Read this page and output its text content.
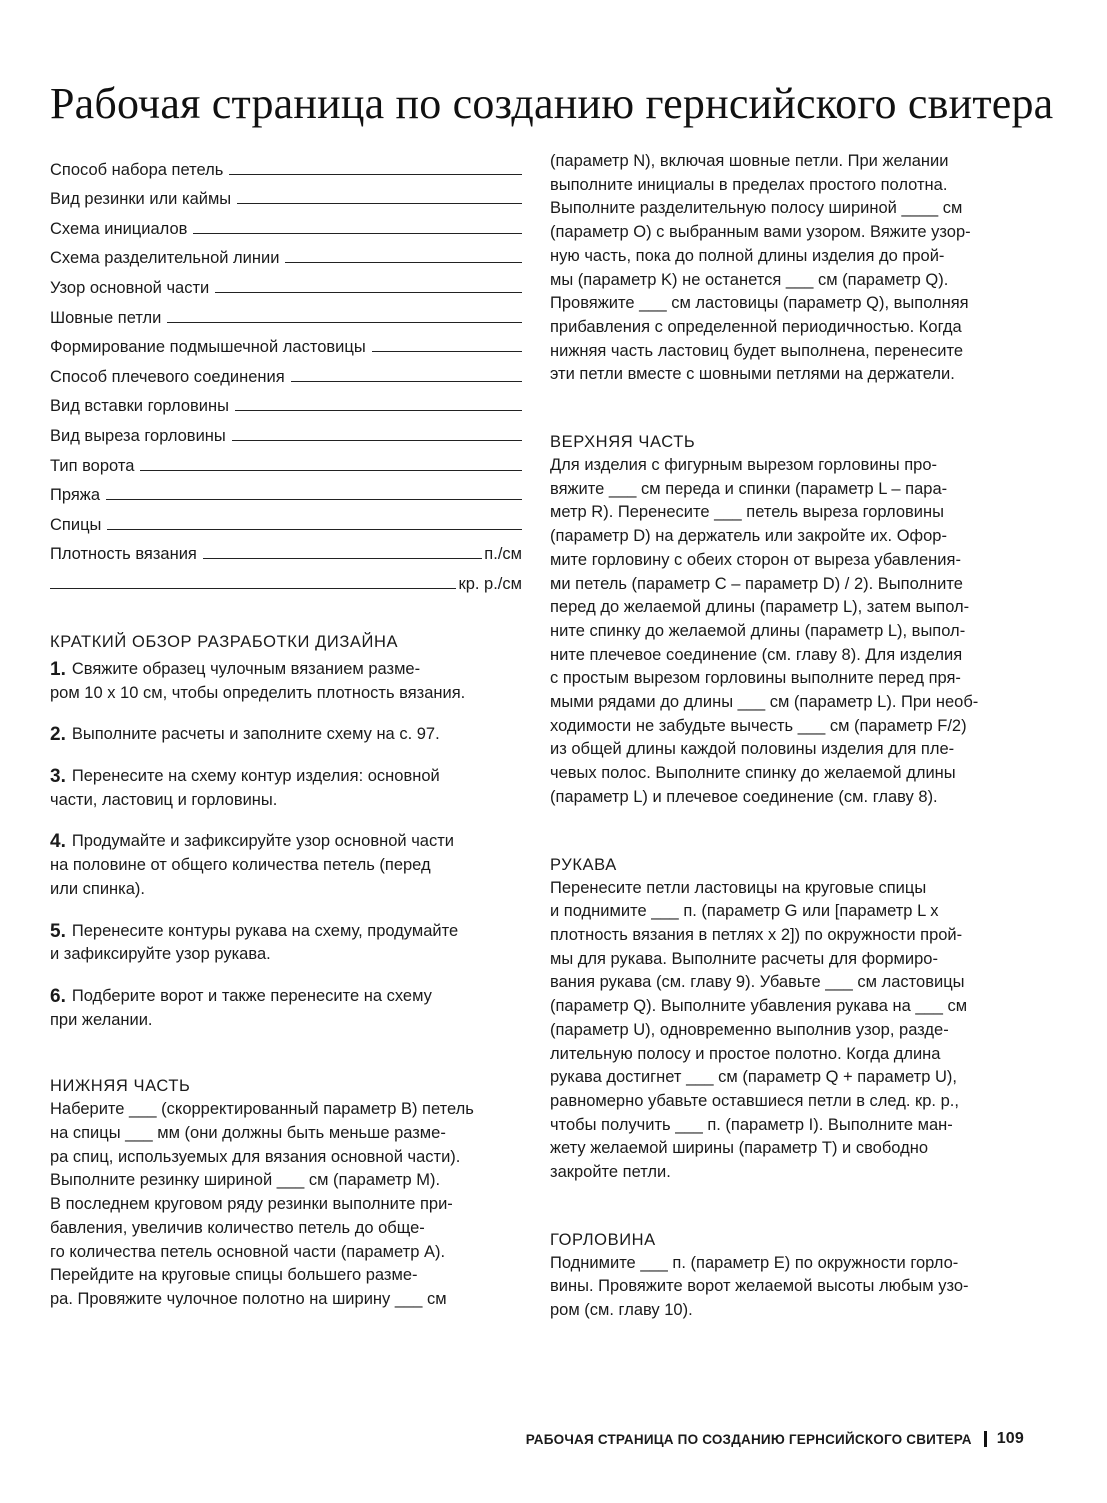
Рабочая страница по созданию гернсийского свитера
Способ набора петель
Вид резинки или каймы
Схема инициалов
Схема разделительной линии
Узор основной части
Шовные петли
Формирование подмышечной ластовицы
Способ плечевого соединения
Вид вставки горловины
Вид выреза горловины
Тип ворота
Пряжа
Спицы
Плотность вязания	п./см
кр. р./см
КРАТКИЙ ОБЗОР РАЗРАБОТКИ ДИЗАЙНА
1. Свяжите образец чулочным вязанием разме-
ром 10 х 10 см, чтобы определить плотность вязания.
2. Выполните расчеты и заполните схему на с. 97.
3. Перенесите на схему контур изделия: основной
части, ластовиц и горловины.
4. Продумайте и зафиксируйте узор основной части
на половине от общего количества петель (перед
или спинка).
5. Перенесите контуры рукава на схему, продумайте
и зафиксируйте узор рукава.
6. Подберите ворот и также перенесите на схему
при желании.
НИЖНЯЯ ЧАСТЬ
Наберите ___ (скорректированный параметр B) петель
на спицы ___ мм (они должны быть меньше разме-
ра спиц, используемых для вязания основной части).
Выполните резинку шириной ___ см (параметр M).
В последнем круговом ряду резинки выполните при-
бавления, увеличив количество петель до обще-
го количества петель основной части (параметр A).
Перейдите на круговые спицы большего разме-
ра. Провяжите чулочное полотно на ширину ___ см
(параметр N), включая шовные петли. При желании
выполните инициалы в пределах простого полотна.
Выполните разделительную полосу шириной ____ см
(параметр O) с выбранным вами узором. Вяжите узор-
ную часть, пока до полной длины изделия до прой-
мы (параметр K) не останется ___ см (параметр Q).
Провяжите ___ см ластовицы (параметр Q), выполняя
прибавления с определенной периодичностью. Когда
нижняя часть ластовиц будет выполнена, перенесите
эти петли вместе с шовными петлями на держатели.
ВЕРХНЯЯ ЧАСТЬ
Для изделия с фигурным вырезом горловины про-
вяжите ___ см переда и спинки (параметр L – пара-
метр R). Перенесите ___ петель выреза горловины
(параметр D) на держатель или закройте их. Офор-
мите горловину с обеих сторон от выреза убавления-
ми петель (параметр C – параметр D) / 2). Выполните
перед до желаемой длины (параметр L), затем выпол-
ните спинку до желаемой длины (параметр L), выпол-
ните плечевое соединение (см. главу 8). Для изделия
с простым вырезом горловины выполните перед пря-
мыми рядами до длины ___ см (параметр L). При необ-
ходимости не забудьте вычесть ___ см (параметр F/2)
из общей длины каждой половины изделия для пле-
чевых полос. Выполните спинку до желаемой длины
(параметр L) и плечевое соединение (см. главу 8).
РУКАВА
Перенесите петли ластовицы на круговые спицы
и поднимите ___ п. (параметр G или [параметр L x
плотность вязания в петлях x 2]) по окружности прой-
мы для рукава. Выполните расчеты для формиро-
вания рукава (см. главу 9). Убавьте ___ см ластовицы
(параметр Q). Выполните убавления рукава на ___ см
(параметр U), одновременно выполнив узор, разде-
лительную полосу и простое полотно. Когда длина
рукава достигнет ___ см (параметр Q + параметр U),
равномерно убавьте оставшиеся петли в след. кр. р.,
чтобы получить ___ п. (параметр I). Выполните ман-
жету желаемой ширины (параметр T) и свободно
закройте петли.
ГОРЛОВИНА
Поднимите ___ п. (параметр E) по окружности горло-
вины. Провяжите ворот желаемой высоты любым узо-
ром (см. главу 10).
РАБОЧАЯ СТРАНИЦА ПО СОЗДАНИЮ ГЕРНСИЙСКОГО СВИТЕРА 109
